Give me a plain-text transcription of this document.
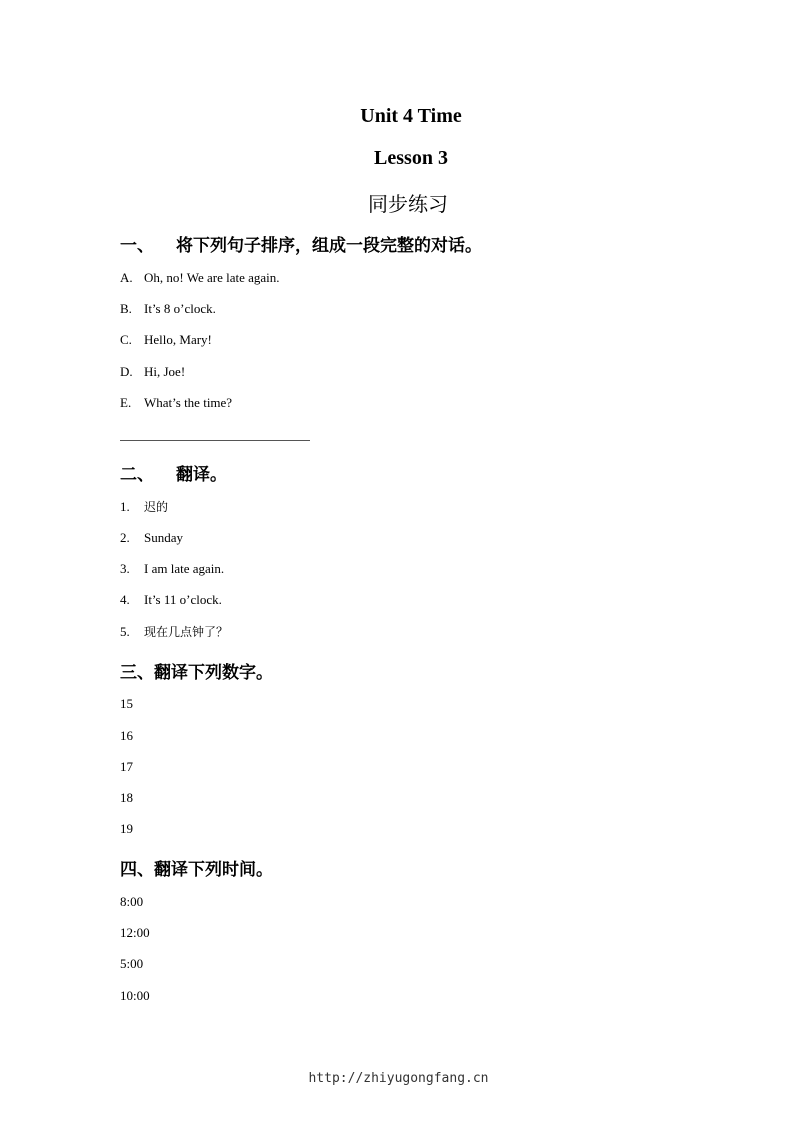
Unit 4 Time
Lesson 3
同步练习
一、 将下列句子排序，组成一段完整的对话。
A. Oh, no! We are late again.
B. It’s 8 o’clock.
C. Hello, Mary!
D. Hi, Joe!
E. What’s the time?
二、 翻译。
1. 迟的
2. Sunday
3. I am late again.
4. It’s 11 o’clock.
5. 现在几点钟了？
三、翻译下列数字。
15
16
17
18
19
四、翻译下列时间。
8:00
12:00
5:00
10:00
http://zhiyugongfang.cn
